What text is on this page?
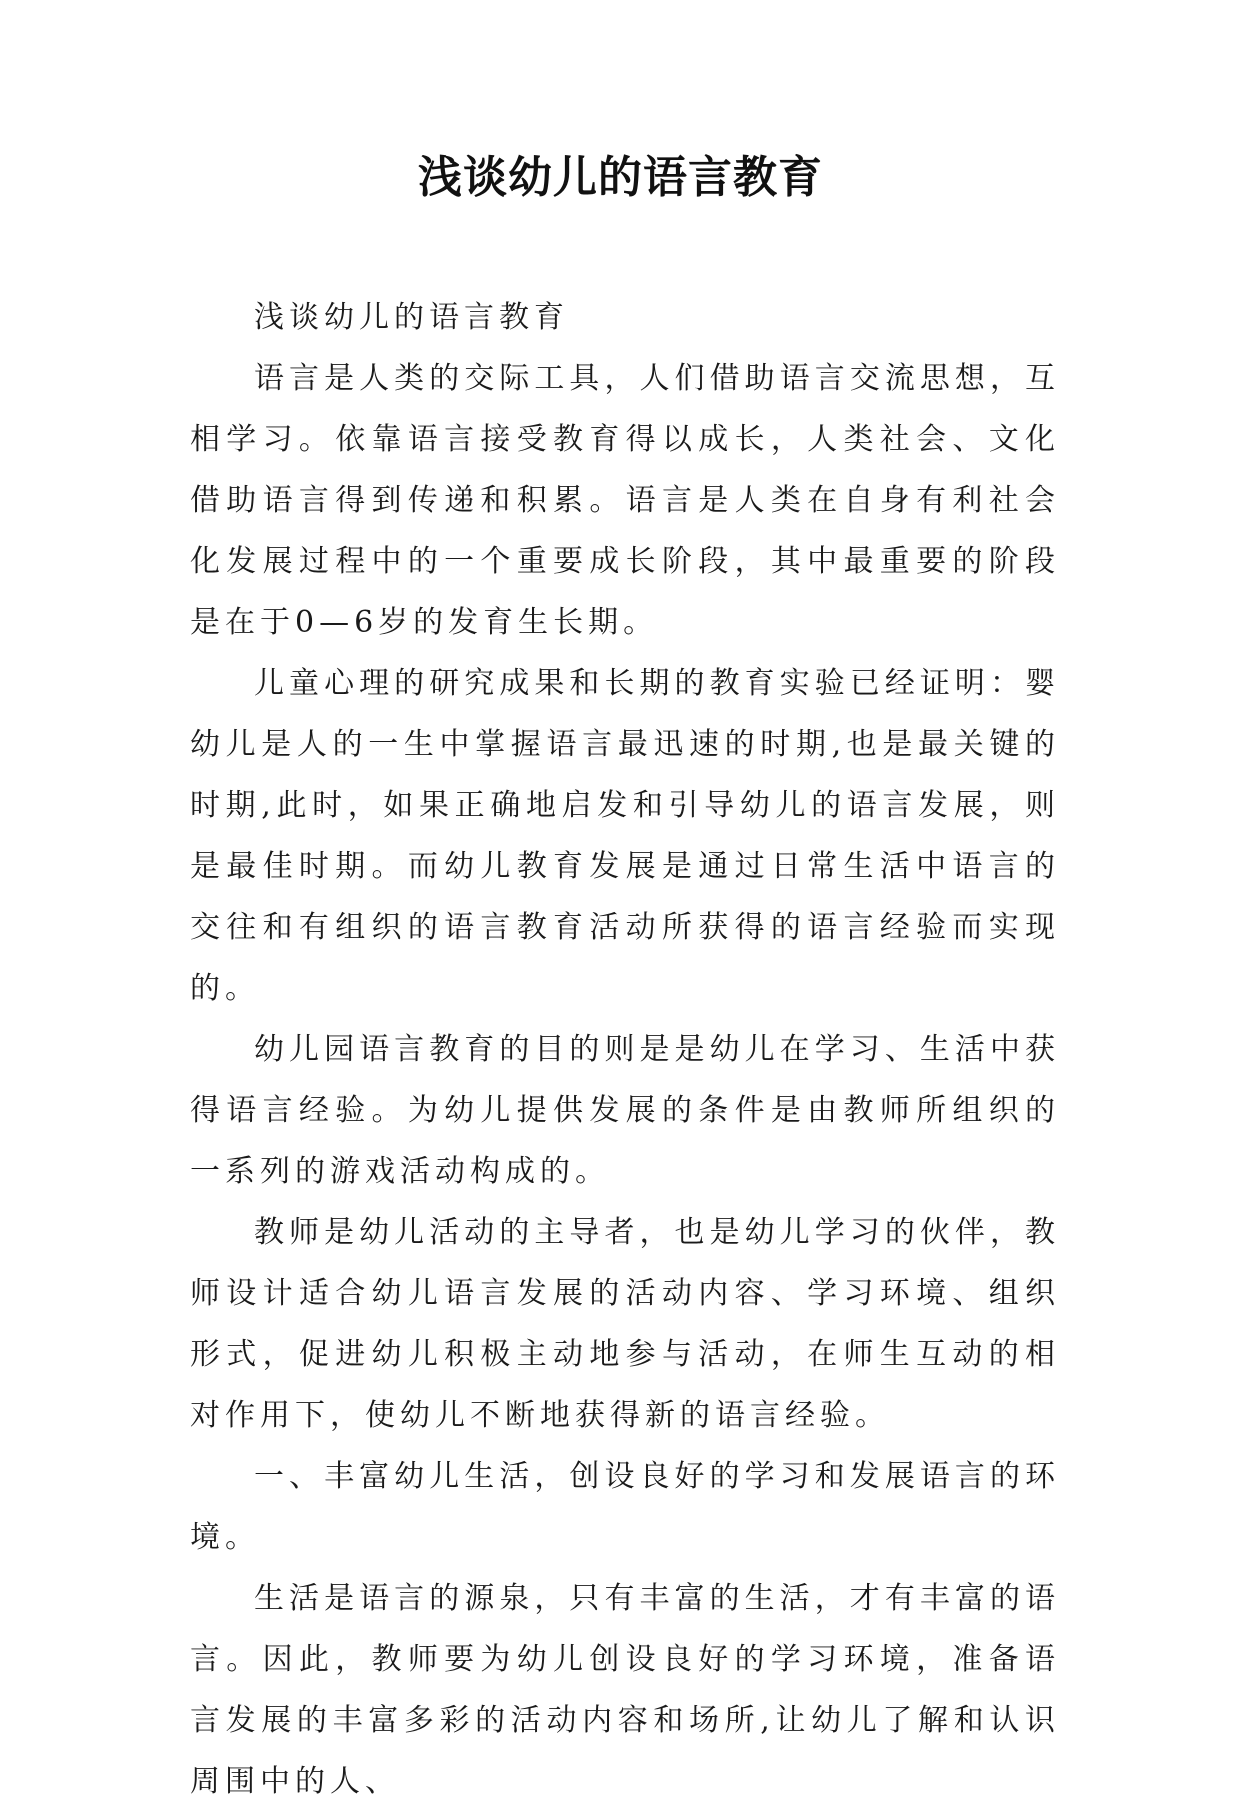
浅谈幼儿的语言教育

浅谈幼儿的语言教育

语言是人类的交际工具，人们借助语言交流思想，互相学习。依靠语言接受教育得以成长，人类社会、文化借助语言得到传递和积累。语言是人类在自身有利社会化发展过程中的一个重要成长阶段，其中最重要的阶段是在于0—6岁的发育生长期。

儿童心理的研究成果和长期的教育实验已经证明：婴幼儿是人的一生中掌握语言最迅速的时期,也是最关键的时期,此时，如果正确地启发和引导幼儿的语言发展，则是最佳时期。而幼儿教育发展是通过日常生活中语言的交往和有组织的语言教育活动所获得的语言经验而实现的。

幼儿园语言教育的目的则是是幼儿在学习、生活中获得语言经验。为幼儿提供发展的条件是由教师所组织的一系列的游戏活动构成的。

教师是幼儿活动的主导者，也是幼儿学习的伙伴，教师设计适合幼儿语言发展的活动内容、学习环境、组织形式，促进幼儿积极主动地参与活动，在师生互动的相对作用下，使幼儿不断地获得新的语言经验。

一、丰富幼儿生活，创设良好的学习和发展语言的环境。

生活是语言的源泉，只有丰富的生活，才有丰富的语言。因此，教师要为幼儿创设良好的学习环境，准备语言发展的丰富多彩的活动内容和场所,让幼儿了解和认识周围中的人、
